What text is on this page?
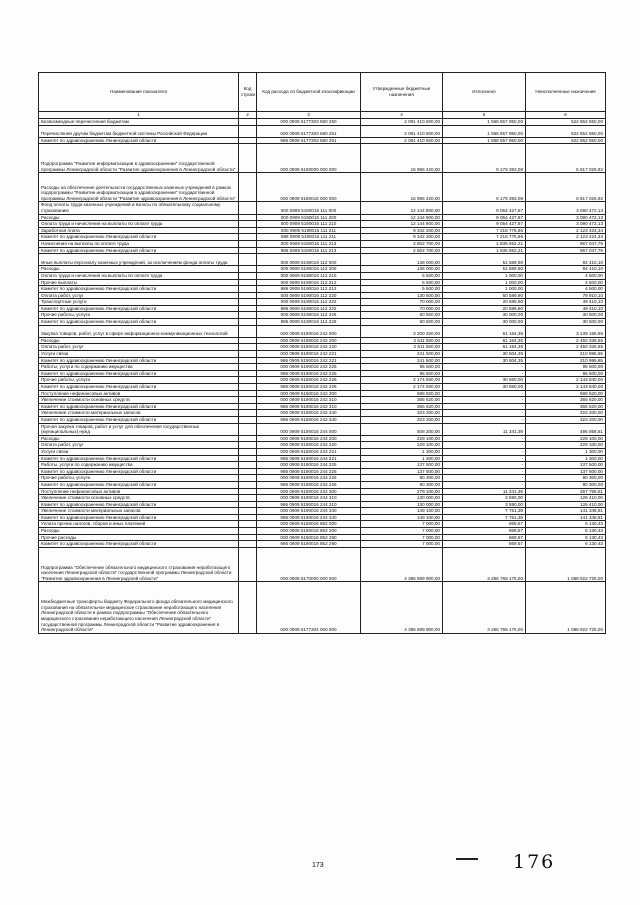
Наименование показателя	Код строки	Код расхода по бюджетной классификации	Утвержденные бюджетные назначения	Исполнено	Неисполненные назначения
1	2	3	4	5	6
Безвозмездные перечисления бюджетам		000 0909 5177303 580 250	2 091 410 600,00	1 568 557 950,00	522 852 650,00
Перечисления другим бюджетам бюджетной системы Российской Федерации		000 0909 5177303 580 251	2 091 410 600,00	1 568 557 950,00	522 852 650,00
Комитет по здравоохранению Ленинградской области		986 0909 5177303 580 251	2 091 410 600,00	1 568 557 950,00	522 852 650,00
Подпрограмма "Развитие информатизации в здравоохранении" государственной программы Ленинградской области "Развитие здравоохранения в Ленинградской области"		000 0909 5190000 000 000	15 996 420,00	9 179 393,08	6 817 026,92
Расходы на обеспечение деятельности государственных казенных учреждений в рамках подпрограммы "Развитие информатизации в здравоохранении" государственной программы Ленинградской области "Развитие здравоохранения в Ленинградской области"		000 0909 5190016 000 000	15 996 420,00	9 179 393,08	6 817 026,92
Фонд оплаты труда казенных учреждений и взносы по обязательному социальному страхованию		000 0909 5190016 111 000	12 144 900,00	9 054 427,87	3 090 472,13
Расходы		000 0909 5190016 111 200	12 144 900,00	9 054 427,87	3 090 472,13
Оплата труда и начисления на выплаты по оплате труда		000 0909 5190016 111 210	12 144 900,00	9 054 427,87	3 090 472,13
Заработная плата		000 0909 5190016 111 211	9 342 200,00	7 218 775,66	2 123 424,34
Комитет по здравоохранению Ленинградской области		986 0909 5190016 111 211	9 342 200,00	7 218 775,66	2 123 424,34
Начисления на выплаты по оплате труда		000 0909 5190016 111 213	2 802 700,00	1 835 652,21	967 047,79
Комитет по здравоохранению Ленинградской области		986 0909 5190016 111 213	2 802 700,00	1 835 652,21	967 047,79
Иные выплаты персоналу казенных учреждений, за исключением фонда оплаты труда		000 0909 5190016 112 000	136 000,00	51 589,90	84 410,10
Расходы		000 0909 5190016 112 200	136 000,00	51 589,90	84 410,10
Оплата труда и начисления на выплаты по оплате труда		000 0909 5190016 112 210	5 500,00	1 000,00	4 500,00
Прочие выплаты		000 0909 5190016 112 212	5 500,00	1 000,00	4 500,00
Комитет по здравоохранению Ленинградской области		986 0909 5190016 112 212	5 500,00	1 000,00	4 500,00
Оплата работ, услуг		000 0909 5190016 112 220	130 500,00	50 589,90	79 910,10
Транспортные услуги		000 0909 5190016 112 222	70 000,00	20 589,90	49 410,10
Комитет по здравоохранению Ленинградской области		986 0909 5190016 112 222	70 000,00	20 589,90	49 410,10
Прочие работы, услуги		000 0909 5190016 112 226	60 500,00	30 000,00	30 500,00
Комитет по здравоохранению Ленинградской области		986 0909 5190016 112 226	60 500,00	30 000,00	30 500,00
Закупка товаров, работ, услуг в сфере информационно-коммуникационных технологий		000 0909 5190016 242 000	3 200 320,00	61 164,35	3 139 155,65
Расходы		000 0909 5190016 242 200	2 511 500,00	61 164,35	2 450 335,65
Оплата работ, услуг		000 0909 5190016 242 220	2 511 500,00	61 164,35	2 450 335,65
Услуги связи		000 0909 5190016 242 221	241 500,00	30 504,35	210 995,65
Комитет по здравоохранению Ленинградской области		986 0909 5190016 242 221	241 500,00	30 504,35	210 995,65
Работы, услуги по содержанию имущества		000 0909 5190016 242 225	95 500,00	-	95 500,00
Комитет по здравоохранению Ленинградской области		986 0909 5190016 242 225	95 500,00	-	95 500,00
Прочие работы, услуги		000 0909 5190016 242 226	2 174 500,00	30 660,00	2 143 840,00
Комитет по здравоохранению Ленинградской области		986 0909 5190016 242 226	2 174 500,00	30 660,00	2 143 840,00
Поступление нефинансовых активов		000 0909 5190016 242 300	688 820,00	-	688 820,00
Увеличение стоимости основных средств		000 0909 5190016 242 310	365 620,00	-	365 620,00
Комитет по здравоохранению Ленинградской области		986 0909 5190016 242 310	365 620,00	-	365 620,00
Увеличение стоимости материальных запасов		000 0909 5190016 242 340	323 200,00	-	323 200,00
Комитет по здравоохранению Ленинградской области		986 0909 5190016 242 340	323 200,00	-	323 200,00
Прочая закупка товаров, работ и услуг для обеспечения государственных (муниципальных) нужд		000 0909 5190016 244 000	508 200,00	11 341,39	496 858,61
Расходы		000 0909 5190016 244 200	229 100,00	-	229 100,00
Оплата работ, услуг		000 0909 5190016 244 220	229 100,00	-	229 100,00
Услуги связи		000 0909 5190016 244 221	1 300,00	-	1 300,00
Комитет по здравоохранению Ленинградской области		986 0909 5190016 244 221	1 300,00	-	1 300,00
Работы, услуги по содержанию имущества		000 0909 5190016 244 225	137 500,00	-	137 500,00
Комитет по здравоохранению Ленинградской области		986 0909 5190016 244 225	137 500,00	-	137 500,00
Прочие работы, услуги		000 0909 5190016 244 226	90 300,00	-	90 300,00
Комитет по здравоохранению Ленинградской области		986 0909 5190016 244 226	90 300,00	-	90 300,00
Поступление нефинансовых активов		000 0909 5190016 244 300	279 100,00	11 341,39	267 758,61
Увеличение стоимости основных средств		000 0909 5190016 244 310	130 000,00	3 590,00	126 410,00
Комитет по здравоохранению Ленинградской области		986 0909 5190016 244 310	130 000,00	3 590,00	126 410,00
Увеличение стоимости материальных запасов		000 0909 5190016 244 340	149 100,00	7 751,39	141 348,61
Комитет по здравоохранению Ленинградской области		986 0909 5190016 244 340	149 100,00	7 751,39	141 348,61
Уплата прочих налогов, сборов и иных платежей		000 0909 5190016 852 000	7 000,00	869,57	6 130,43
Расходы		000 0909 5190016 852 200	7 000,00	869,57	6 130,43
Прочие расходы		000 0909 5190016 852 290	7 000,00	869,57	6 130,43
Комитет по здравоохранению Ленинградской области		986 0909 5190016 852 290	7 000,00	869,57	6 130,43
Подпрограмма "Обеспечение обязательного медицинского страхования неработающего населения Ленинградской области" государственной программы Ленинградской области "Развитие здравоохранения в Ленинградской области"		000 0909 5170000 000 000	4 355 699 900,00	3 266 768 175,00	1 088 922 725,00
Межбюджетные трансферты бюджету Федерального фонда обязательного медицинского страхования на обязательное медицинское страхование неработающего населения Ленинградской области в рамках подпрограммы "Обеспечение обязательного медицинского страхования неработающего населения Ленинградской области" государственной программы Ленинградской области "Развитие здравоохранения в Ленинградской области"		000 0909 5177304 000 000	4 355 699 900,00	3 266 768 175,00	1 088 922 725,00
173	176
